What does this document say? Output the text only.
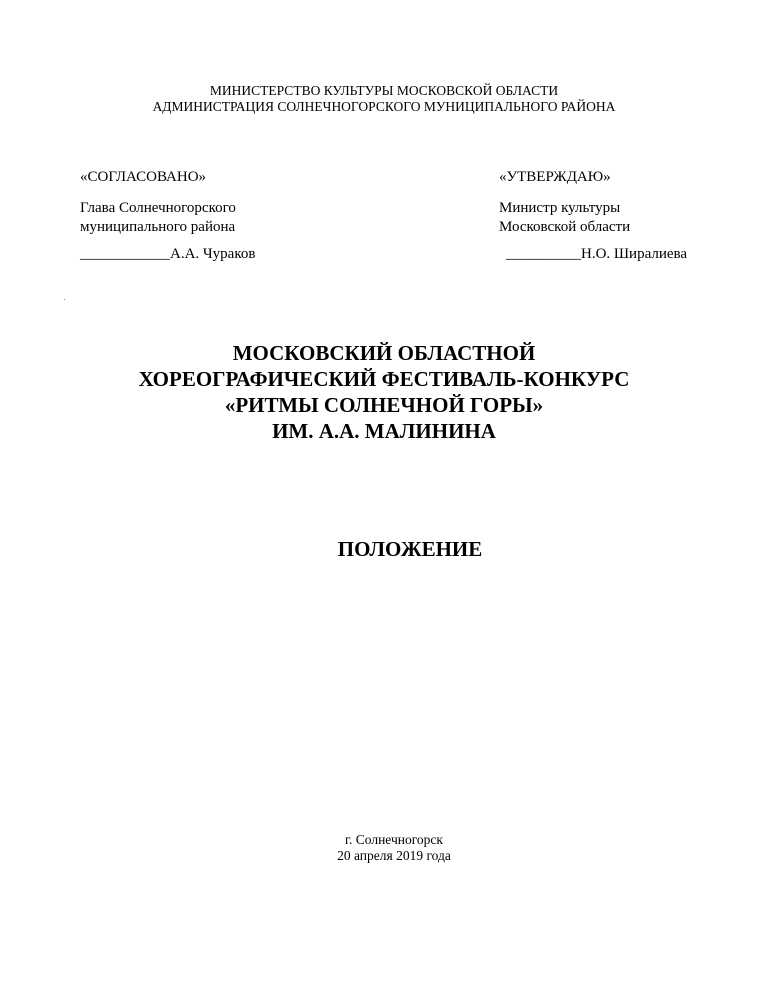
МИНИСТЕРСТВО КУЛЬТУРЫ МОСКОВСКОЙ ОБЛАСТИ
АДМИНИСТРАЦИЯ СОЛНЕЧНОГОРСКОГО МУНИЦИПАЛЬНОГО РАЙОНА
«СОГЛАСОВАНО»
Глава Солнечногорского
муниципального района
____________А.А. Чураков
«УТВЕРЖДАЮ»
Министр культуры
Московской области
__________Н.О. Ширалиева
МОСКОВСКИЙ ОБЛАСТНОЙ
ХОРЕОГРАФИЧЕСКИЙ ФЕСТИВАЛЬ-КОНКУРС
«РИТМЫ СОЛНЕЧНОЙ ГОРЫ»
ИМ. А.А. МАЛИНИНА
ПОЛОЖЕНИЕ
г. Солнечногорск
20 апреля 2019 года
